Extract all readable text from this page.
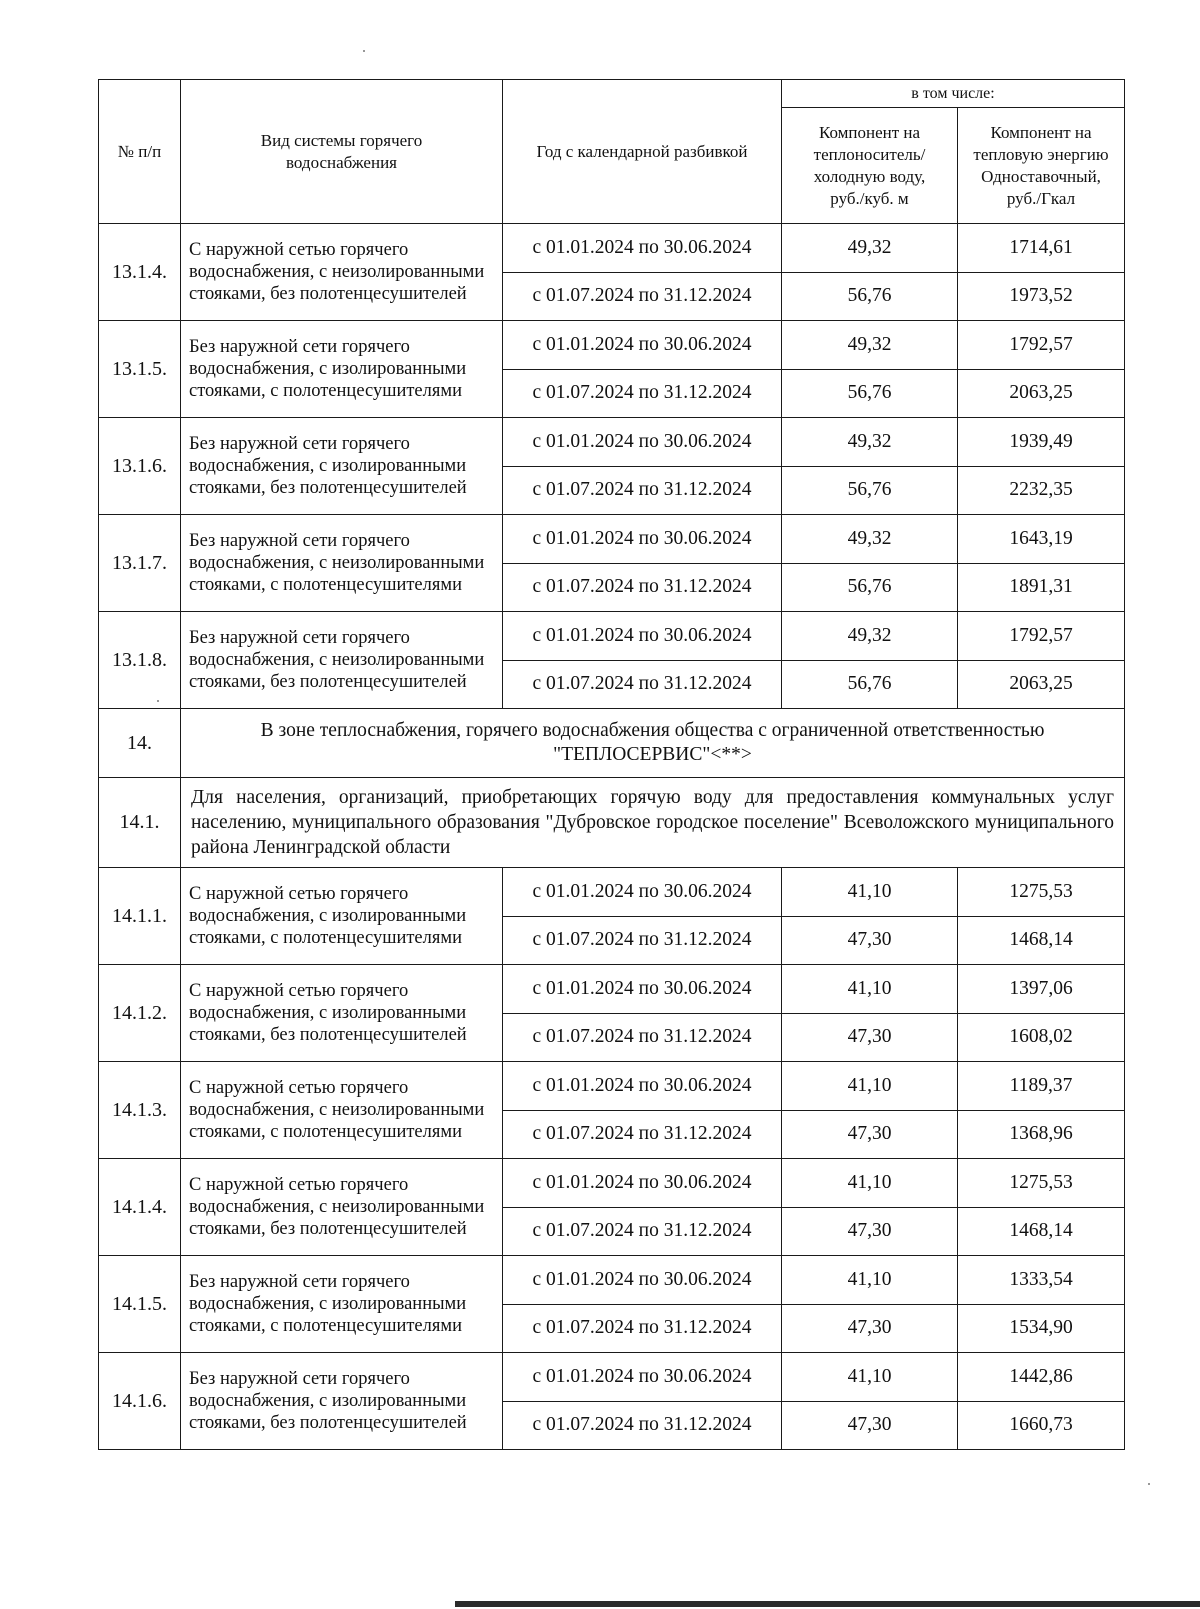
№ п/п	Вид системы горячего водоснабжения	Год с календарной разбивкой	в том числе:	

			Компонент на теплоноситель/ холодную воду, руб./куб. м	Компонент на тепловую энергию Одноставочный, руб./Гкал

13.1.4.	С наружной сетью горячего водоснабжения, с неизолированными стояками, без полотенцесушителей	с 01.01.2024 по 30.06.2024	49,32	1714,61
		с 01.07.2024 по 31.12.2024	56,76	1973,52
13.1.5.	Без наружной сети горячего водоснабжения, с изолированными стояками, с полотенцесушителями	с 01.01.2024 по 30.06.2024	49,32	1792,57
		с 01.07.2024 по 31.12.2024	56,76	2063,25
13.1.6.	Без наружной сети горячего водоснабжения, с изолированными стояками, без полотенцесушителей	с 01.01.2024 по 30.06.2024	49,32	1939,49
		с 01.07.2024 по 31.12.2024	56,76	2232,35
13.1.7.	Без наружной сети горячего водоснабжения, с неизолированными стояками, с полотенцесушителями	с 01.01.2024 по 30.06.2024	49,32	1643,19
		с 01.07.2024 по 31.12.2024	56,76	1891,31
13.1.8.	Без наружной сети горячего водоснабжения, с неизолированными стояками, без полотенцесушителей	с 01.01.2024 по 30.06.2024	49,32	1792,57
		с 01.07.2024 по 31.12.2024	56,76	2063,25
14.	В зоне теплоснабжения, горячего водоснабжения общества с ограниченной ответственностью "ТЕПЛОСЕРВИС"<**>			
14.1.	Для населения, организаций, приобретающих горячую воду для предоставления коммунальных услуг населению, муниципального образования "Дубровское городское поселение" Всеволожского муниципального района Ленинградской области			
14.1.1.	С наружной сетью горячего водоснабжения, с изолированными стояками, с полотенцесушителями	с 01.01.2024 по 30.06.2024	41,10	1275,53
		с 01.07.2024 по 31.12.2024	47,30	1468,14
14.1.2.	С наружной сетью горячего водоснабжения, с изолированными стояками, без полотенцесушителей	с 01.01.2024 по 30.06.2024	41,10	1397,06
		с 01.07.2024 по 31.12.2024	47,30	1608,02
14.1.3.	С наружной сетью горячего водоснабжения, с неизолированными стояками, с полотенцесушителями	с 01.01.2024 по 30.06.2024	41,10	1189,37
		с 01.07.2024 по 31.12.2024	47,30	1368,96
14.1.4.	С наружной сетью горячего водоснабжения, с неизолированными стояками, без полотенцесушителей	с 01.01.2024 по 30.06.2024	41,10	1275,53
		с 01.07.2024 по 31.12.2024	47,30	1468,14
14.1.5.	Без наружной сети горячего водоснабжения, с изолированными стояками, с полотенцесушителями	с 01.01.2024 по 30.06.2024	41,10	1333,54
		с 01.07.2024 по 31.12.2024	47,30	1534,90
14.1.6.	Без наружной сети горячего водоснабжения, с изолированными стояками, без полотенцесушителей	с 01.01.2024 по 30.06.2024	41,10	1442,86
		с 01.07.2024 по 31.12.2024	47,30	1660,73
